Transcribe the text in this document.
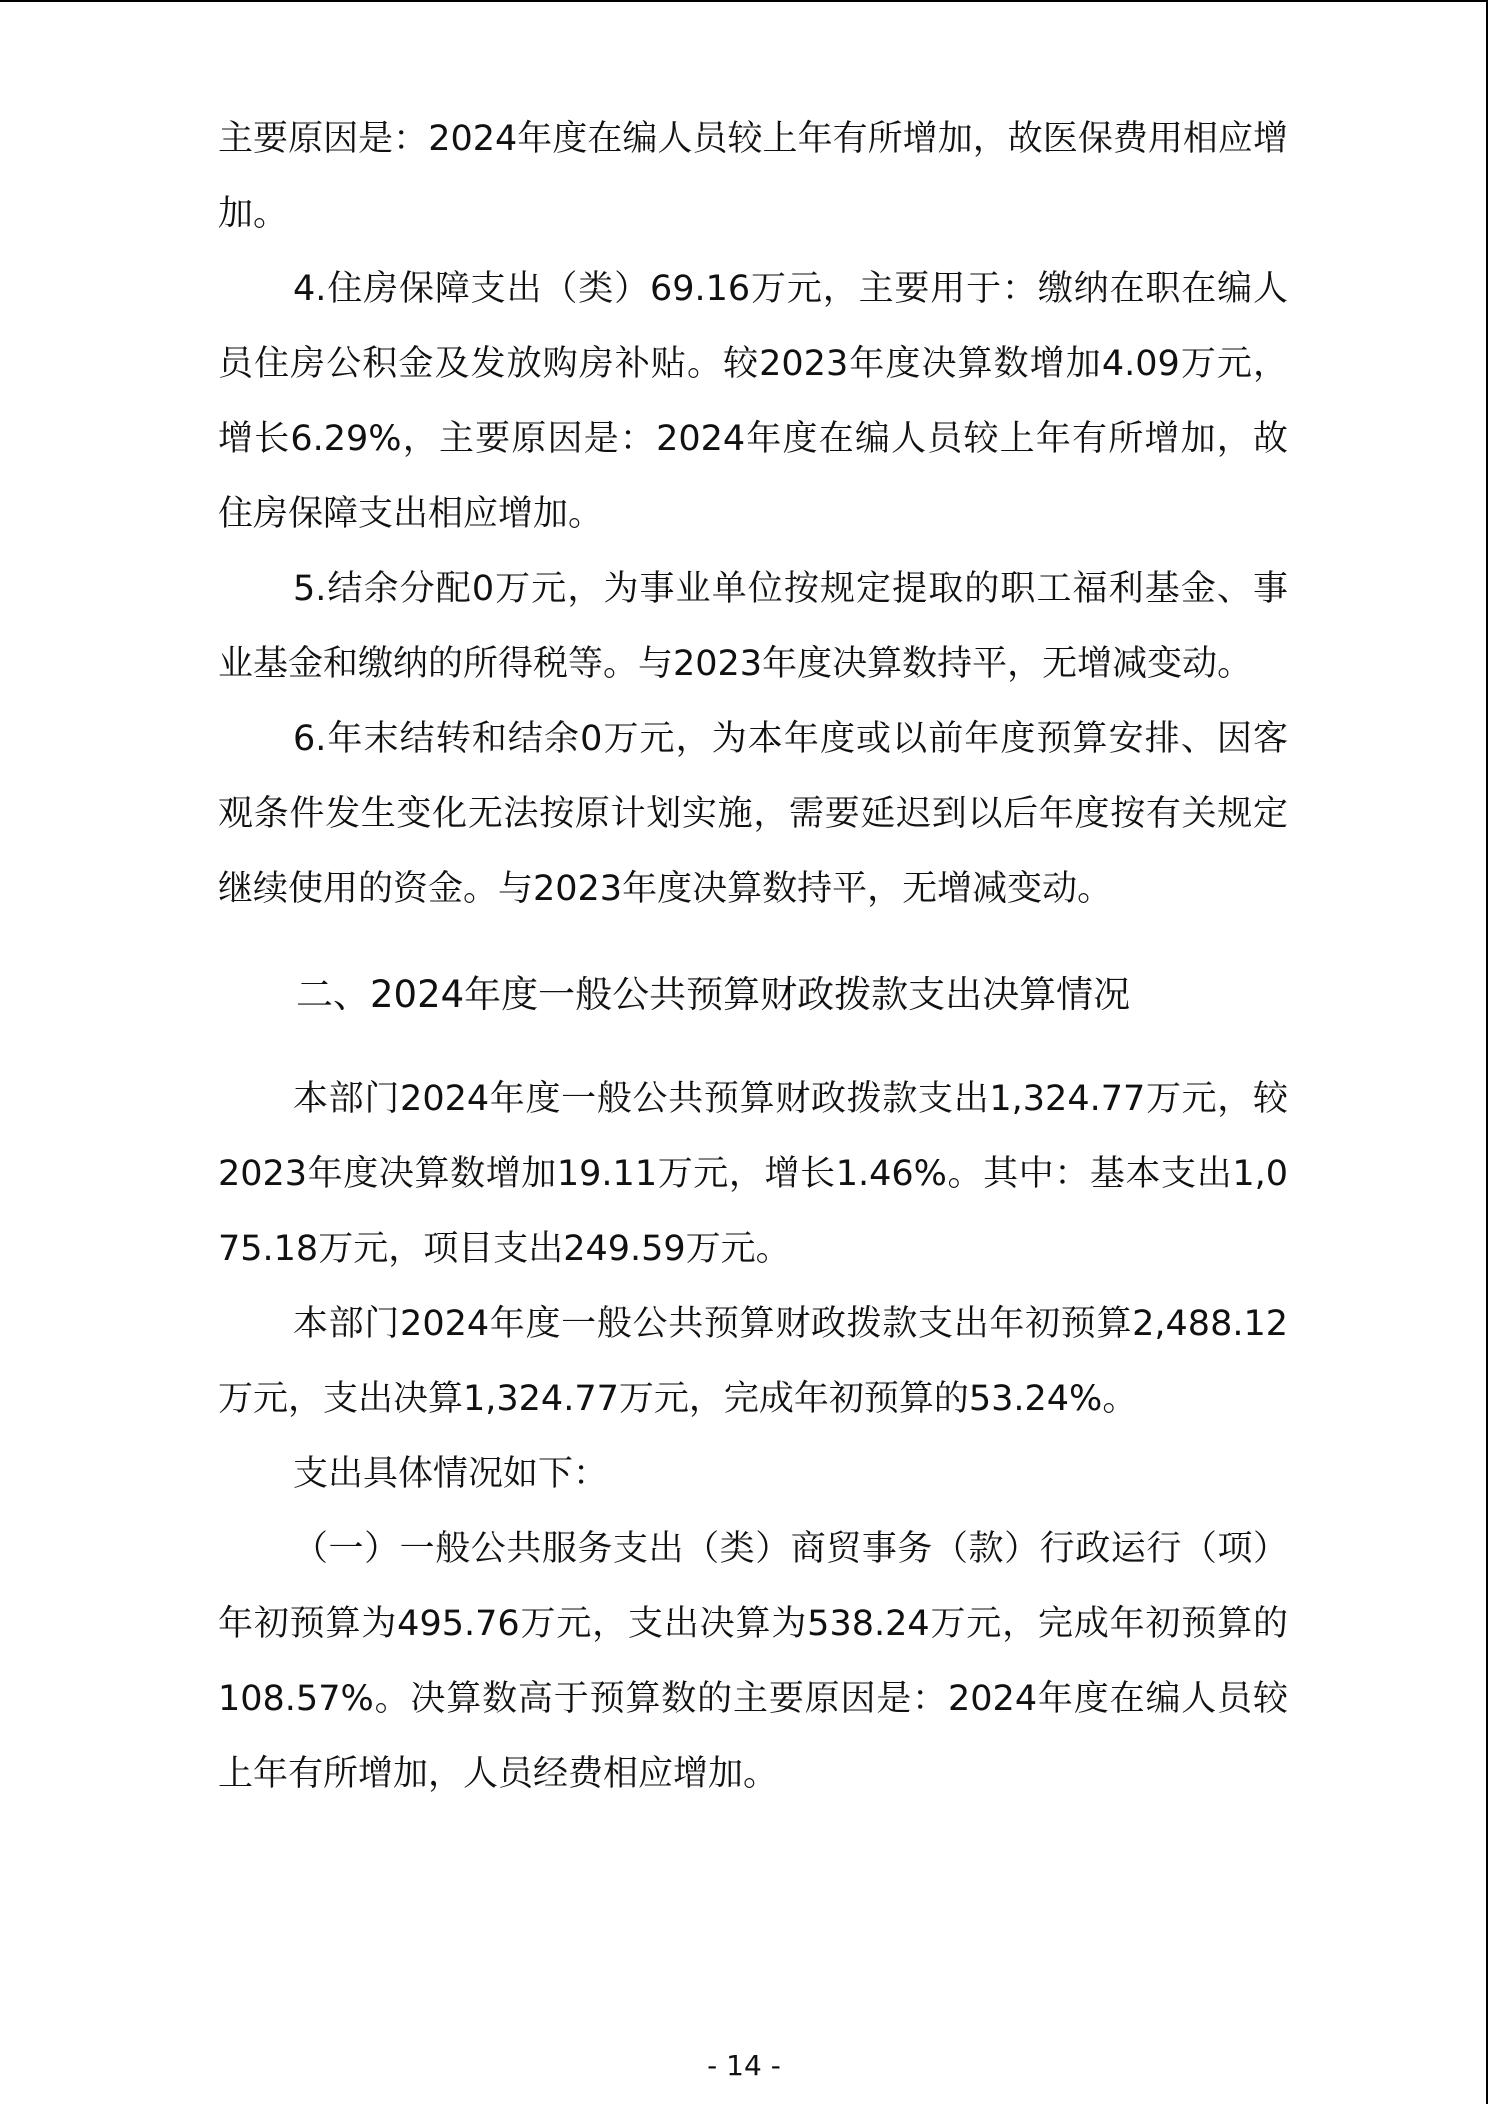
主要原因是：2024年度在编人员较上年有所增加，故医保费用相应增加。

4.住房保障支出（类）69.16万元，主要用于：缴纳在职在编人员住房公积金及发放购房补贴。较2023年度决算数增加4.09万元，增长6.29%，主要原因是：2024年度在编人员较上年有所增加，故住房保障支出相应增加。

5.结余分配0万元，为事业单位按规定提取的职工福利基金、事业基金和缴纳的所得税等。与2023年度决算数持平，无增减变动。

6.年末结转和结余0万元，为本年度或以前年度预算安排、因客观条件发生变化无法按原计划实施，需要延迟到以后年度按有关规定继续使用的资金。与2023年度决算数持平，无增减变动。

二、2024年度一般公共预算财政拨款支出决算情况

本部门2024年度一般公共预算财政拨款支出1,324.77万元，较2023年度决算数增加19.11万元，增长1.46%。其中：基本支出1,075.18万元，项目支出249.59万元。

本部门2024年度一般公共预算财政拨款支出年初预算2,488.12万元，支出决算1,324.77万元，完成年初预算的53.24%。

支出具体情况如下：

（一）一般公共服务支出（类）商贸事务（款）行政运行（项）年初预算为495.76万元，支出决算为538.24万元，完成年初预算的108.57%。决算数高于预算数的主要原因是：2024年度在编人员较上年有所增加，人员经费相应增加。

- 14 -
